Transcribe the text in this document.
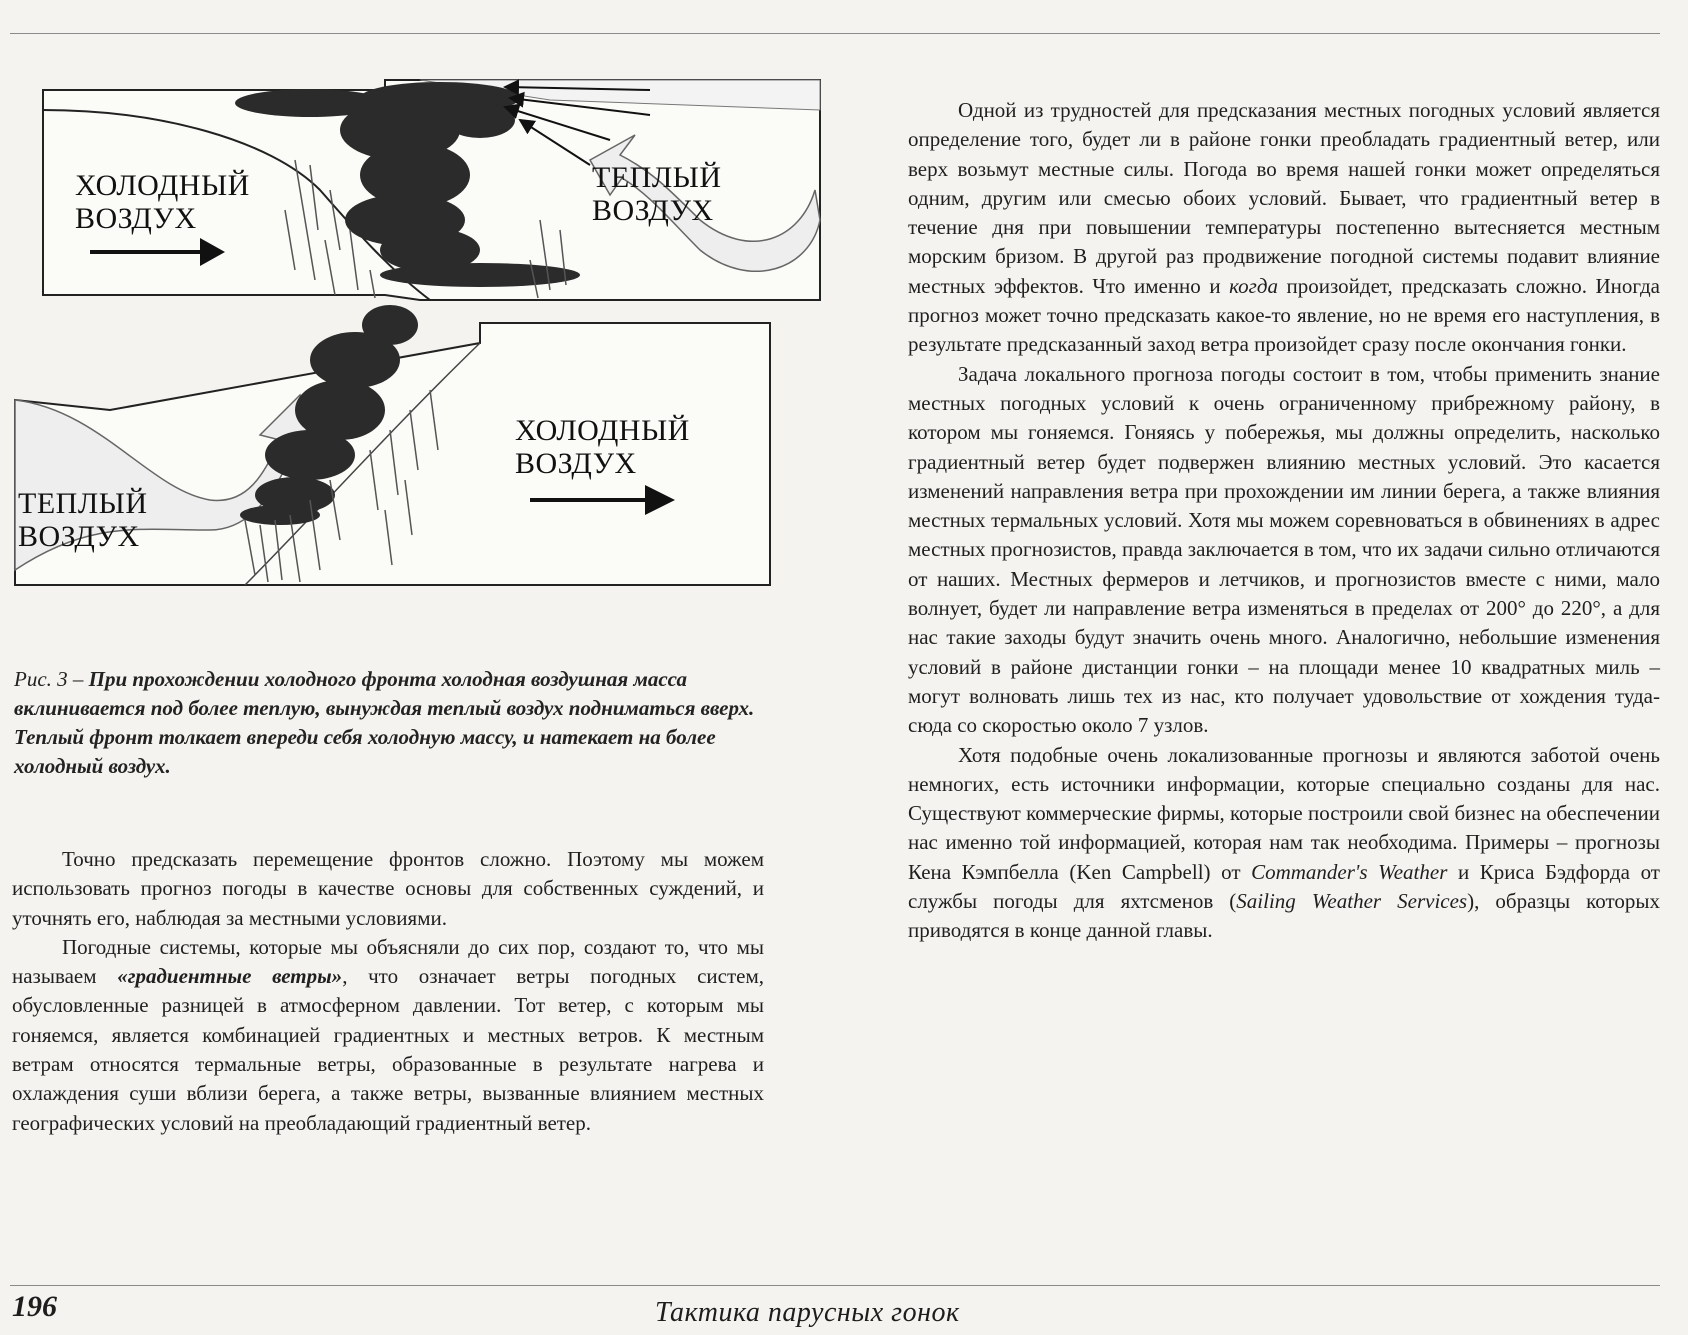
ХОЛОДНЫЙ
ВОЗДУХ
ТЕПЛЫЙ
ВОЗДУХ
ХОЛОДНЫЙ
ВОЗДУХ
ТЕПЛЫЙ
ВОЗДУХ
Рис. 3 – При прохождении холодного фронта холодная воздушная масса вклинивается под более теплую, вынуждая теплый воздух подниматься вверх. Теплый фронт толкает впереди себя холодную массу, и натекает на более холодный воздух.

Точно предсказать перемещение фронтов сложно. Поэтому мы можем использовать прогноз погоды в качестве основы для собственных суждений, и уточнять его, наблюдая за местными условиями.

Погодные системы, которые мы объясняли до сих пор, создают то, что мы называем «градиентные ветры», что означает ветры погодных систем, обусловленные разницей в атмосферном давлении. Тот ветер, с которым мы гоняемся, является комбинацией градиентных и местных ветров. К местным ветрам относятся термальные ветры, образованные в результате нагрева и охлаждения суши вблизи берега, а также ветры, вызванные влиянием местных географических условий на преобладающий градиентный ветер.

Одной из трудностей для предсказания местных погодных условий является определение того, будет ли в районе гонки преобладать градиентный ветер, или верх возьмут местные силы. Погода во время нашей гонки может определяться одним, другим или смесью обоих условий. Бывает, что градиентный ветер в течение дня при повышении температуры постепенно вытесняется местным морским бризом. В другой раз продвижение погодной системы подавит влияние местных эффектов. Что именно и когда произойдет, предсказать сложно. Иногда прогноз может точно предсказать какое-то явление, но не время его наступления, в результате предсказанный заход ветра произойдет сразу после окончания гонки.

Задача локального прогноза погоды состоит в том, чтобы применить знание местных погодных условий к очень ограниченному прибрежному району, в котором мы гоняемся. Гоняясь у побережья, мы должны определить, насколько градиентный ветер будет подвержен влиянию местных условий. Это касается изменений направления ветра при прохождении им линии берега, а также влияния местных термальных условий. Хотя мы можем соревноваться в обвинениях в адрес местных прогнозистов, правда заключается в том, что их задачи сильно отличаются от наших. Местных фермеров и летчиков, и прогнозистов вместе с ними, мало волнует, будет ли направление ветра изменяться в пределах от 200° до 220°, а для нас такие заходы будут значить очень много. Аналогично, небольшие изменения условий в районе дистанции гонки – на площади менее 10 квадратных миль – могут волновать лишь тех из нас, кто получает удовольствие от хождения туда-сюда со скоростью около 7 узлов.

Хотя подобные очень локализованные прогнозы и являются заботой очень немногих, есть источники информации, которые специально созданы для нас. Существуют коммерческие фирмы, которые построили свой бизнес на обеспечении нас именно той информацией, которая нам так необходима. Примеры – прогнозы Кена Кэмпбелла (Ken Campbell) от Commander's Weather и Криса Бэдфорда от службы погоды для яхтсменов (Sailing Weather Services), образцы которых приводятся в конце данной главы.

196	Тактика парусных гонок
